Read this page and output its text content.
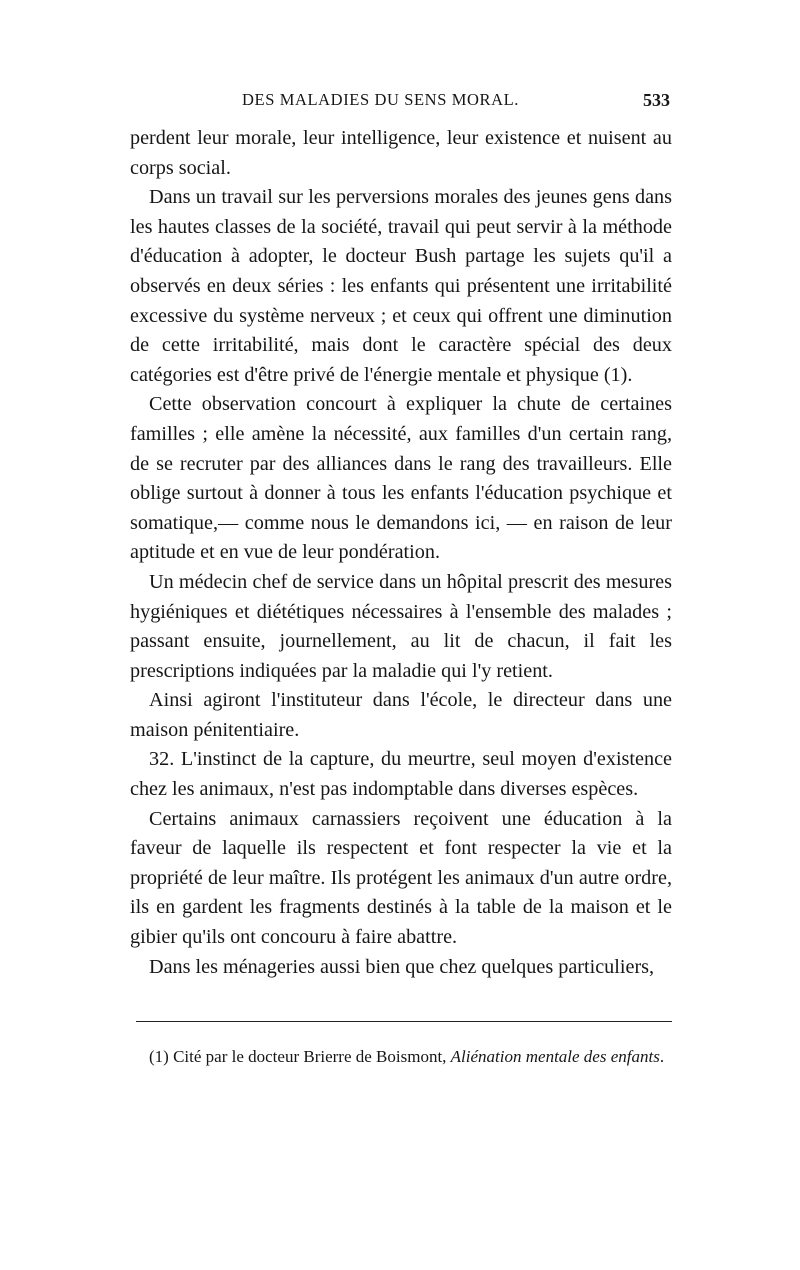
DES MALADIES DU SENS MORAL.	533

perdent leur morale, leur intelligence, leur existence et nuisent au corps social.

Dans un travail sur les perversions morales des jeunes gens dans les hautes classes de la société, travail qui peut servir à la méthode d'éducation à adopter, le docteur Bush partage les sujets qu'il a observés en deux séries : les enfants qui présentent une irritabilité excessive du système nerveux ; et ceux qui offrent une diminution de cette irritabilité, mais dont le caractère spécial des deux catégories est d'être privé de l'énergie mentale et physique (1).

Cette observation concourt à expliquer la chute de certaines familles ; elle amène la nécessité, aux familles d'un certain rang, de se recruter par des alliances dans le rang des travailleurs. Elle oblige surtout à donner à tous les enfants l'éducation psychique et somatique,— comme nous le demandons ici, — en raison de leur aptitude et en vue de leur pondération.

Un médecin chef de service dans un hôpital prescrit des mesures hygiéniques et diététiques nécessaires à l'ensemble des malades ; passant ensuite, journellement, au lit de chacun, il fait les prescriptions indiquées par la maladie qui l'y retient.

Ainsi agiront l'instituteur dans l'école, le directeur dans une maison pénitentiaire.

32. L'instinct de la capture, du meurtre, seul moyen d'existence chez les animaux, n'est pas indomptable dans diverses espèces.

Certains animaux carnassiers reçoivent une éducation à la faveur de laquelle ils respectent et font respecter la vie et la propriété de leur maître. Ils protégent les animaux d'un autre ordre, ils en gardent les fragments destinés à la table de la maison et le gibier qu'ils ont concouru à faire abattre.

Dans les ménageries aussi bien que chez quelques particuliers,

(1) Cité par le docteur Brierre de Boismont, Aliénation mentale des enfants.
